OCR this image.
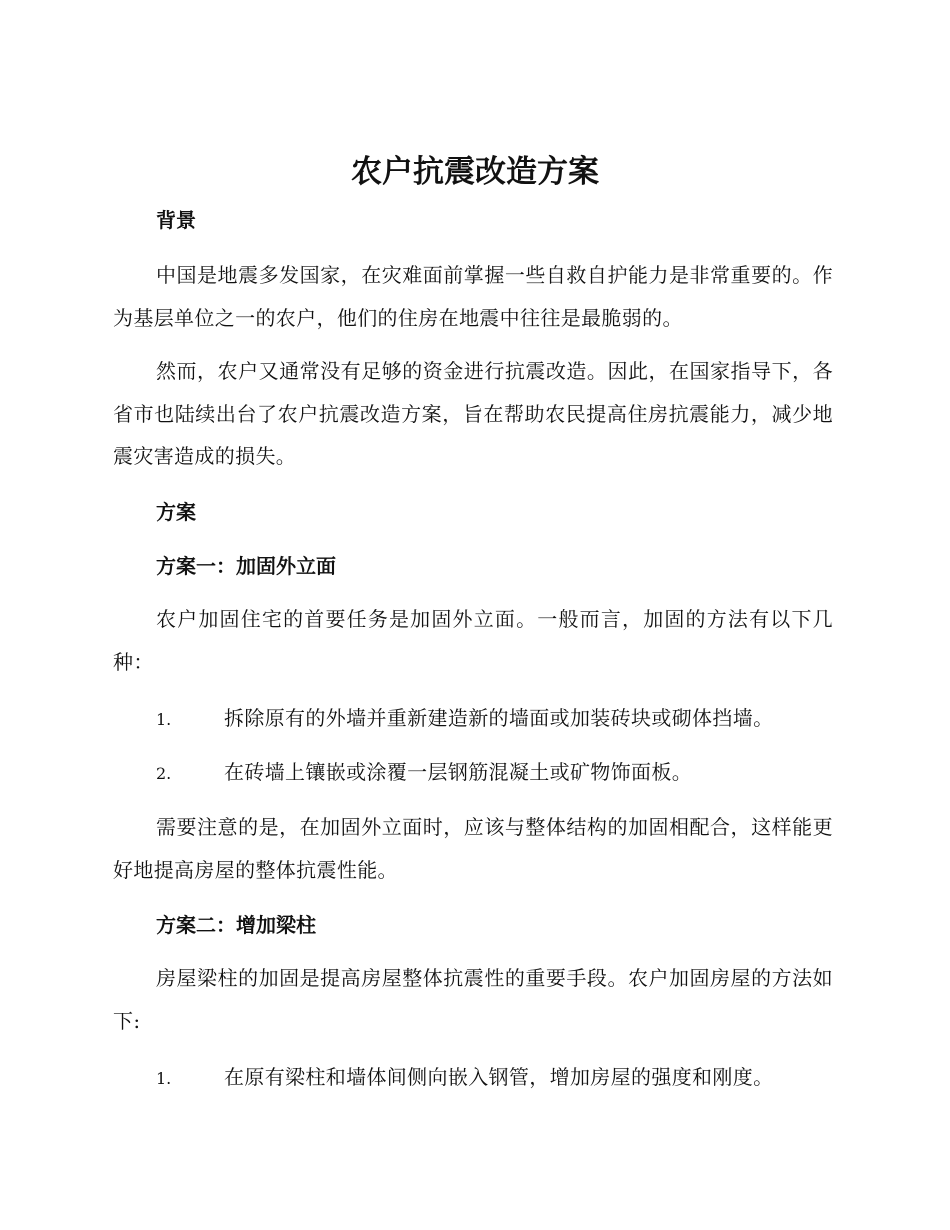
农户抗震改造方案
背景

中国是地震多发国家，在灾难面前掌握一些自救自护能力是非常重要的。作为基层单位之一的农户，他们的住房在地震中往往是最脆弱的。

然而，农户又通常没有足够的资金进行抗震改造。因此，在国家指导下，各省市也陆续出台了农户抗震改造方案，旨在帮助农民提高住房抗震能力，减少地震灾害造成的损失。

方案
方案一：加固外立面

农户加固住宅的首要任务是加固外立面。一般而言，加固的方法有以下几种：

1.	拆除原有的外墙并重新建造新的墙面或加装砖块或砌体挡墙。
2.	在砖墙上镶嵌或涂覆一层钢筋混凝土或矿物饰面板。

需要注意的是，在加固外立面时，应该与整体结构的加固相配合，这样能更好地提高房屋的整体抗震性能。

方案二：增加梁柱

房屋梁柱的加固是提高房屋整体抗震性的重要手段。农户加固房屋的方法如下:

1.	在原有梁柱和墙体间侧向嵌入钢管，增加房屋的强度和刚度。
